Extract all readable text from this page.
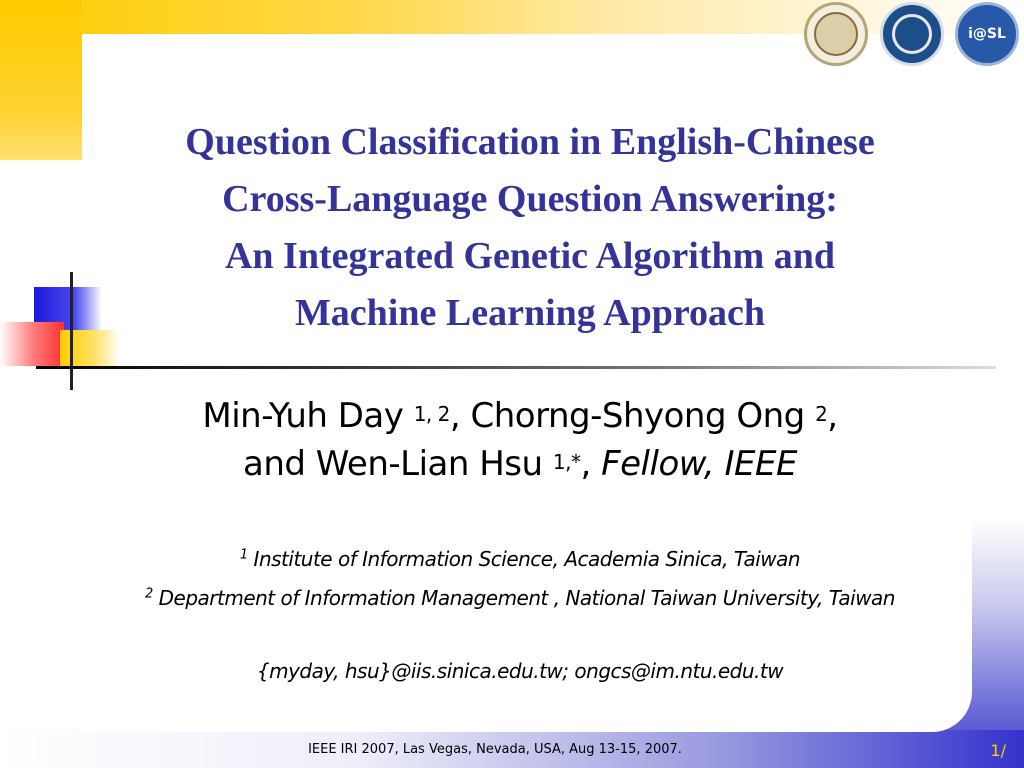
i@SL
Question Classification in English-Chinese
Cross-Language Question Answering:
An Integrated Genetic Algorithm and
Machine Learning Approach
Min-Yuh Day $^{1, 2}$, Chorng-Shyong Ong $^2$,
and Wen-Lian Hsu $^{1,*}$, Fellow, IEEE

$^1$ Institute of Information Science, Academia Sinica, Taiwan

$^2$ Department of Information Management , National Taiwan University, Taiwan

{myday, hsu}@iis.sinica.edu.tw; ongcs@im.ntu.edu.tw

IEEE IRI 2007, Las Vegas, Nevada, USA, Aug 13-15, 2007.	1/
